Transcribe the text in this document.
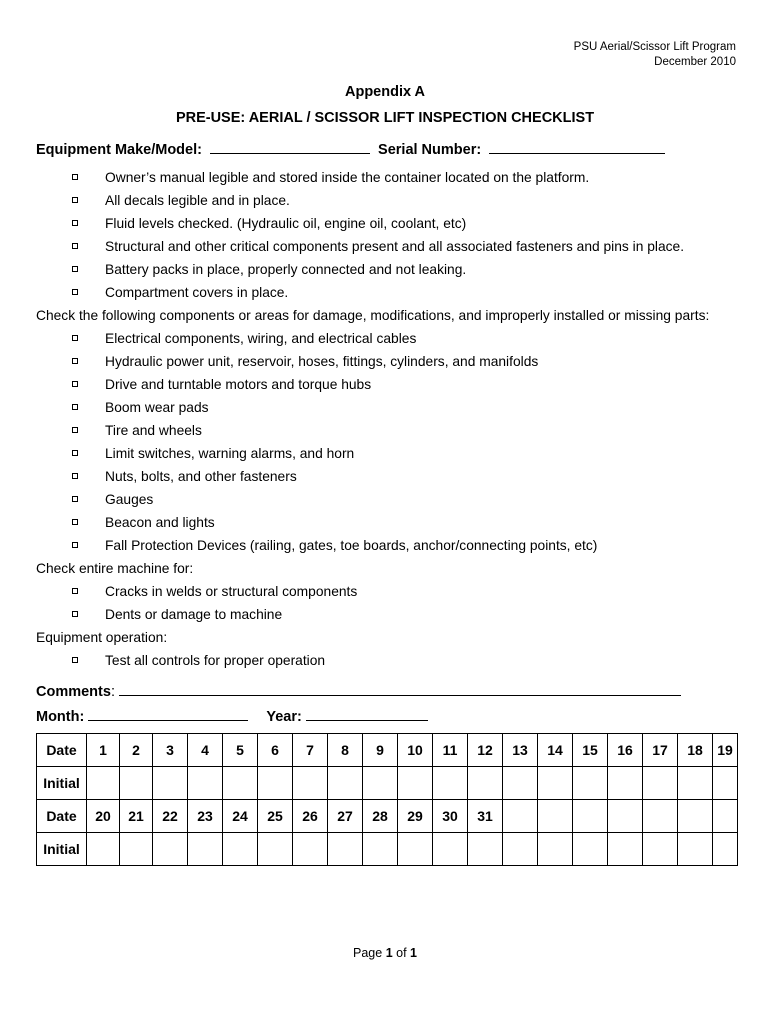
PSU Aerial/Scissor Lift Program
December 2010
Appendix A
PRE-USE: AERIAL / SCISSOR LIFT INSPECTION CHECKLIST
Equipment Make/Model:	Serial Number:
Owner’s manual legible and stored inside the container located on the platform.
All decals legible and in place.
Fluid levels checked. (Hydraulic oil, engine oil, coolant, etc)
Structural and other critical components present and all associated fasteners and pins in place.
Battery packs in place, properly connected and not leaking.
Compartment covers in place.
Check the following components or areas for damage, modifications, and improperly installed or missing parts:
Electrical components, wiring, and electrical cables
Hydraulic power unit, reservoir, hoses, fittings, cylinders, and manifolds
Drive and turntable motors and torque hubs
Boom wear pads
Tire and wheels
Limit switches, warning alarms, and horn
Nuts, bolts, and other fasteners
Gauges
Beacon and lights
Fall Protection Devices (railing, gates, toe boards, anchor/connecting points, etc)
Check entire machine for:
Cracks in welds or structural components
Dents or damage to machine
Equipment operation:
Test all controls for proper operation
Comments:
Month:	Year:
Date	1	2	3	4	5	6	7	8	9	10	11	12	13	14	15	16	17	18	19
Initial																			
Date	20	21	22	23	24	25	26	27	28	29	30	31							
Initial																			
Page 1 of 1
